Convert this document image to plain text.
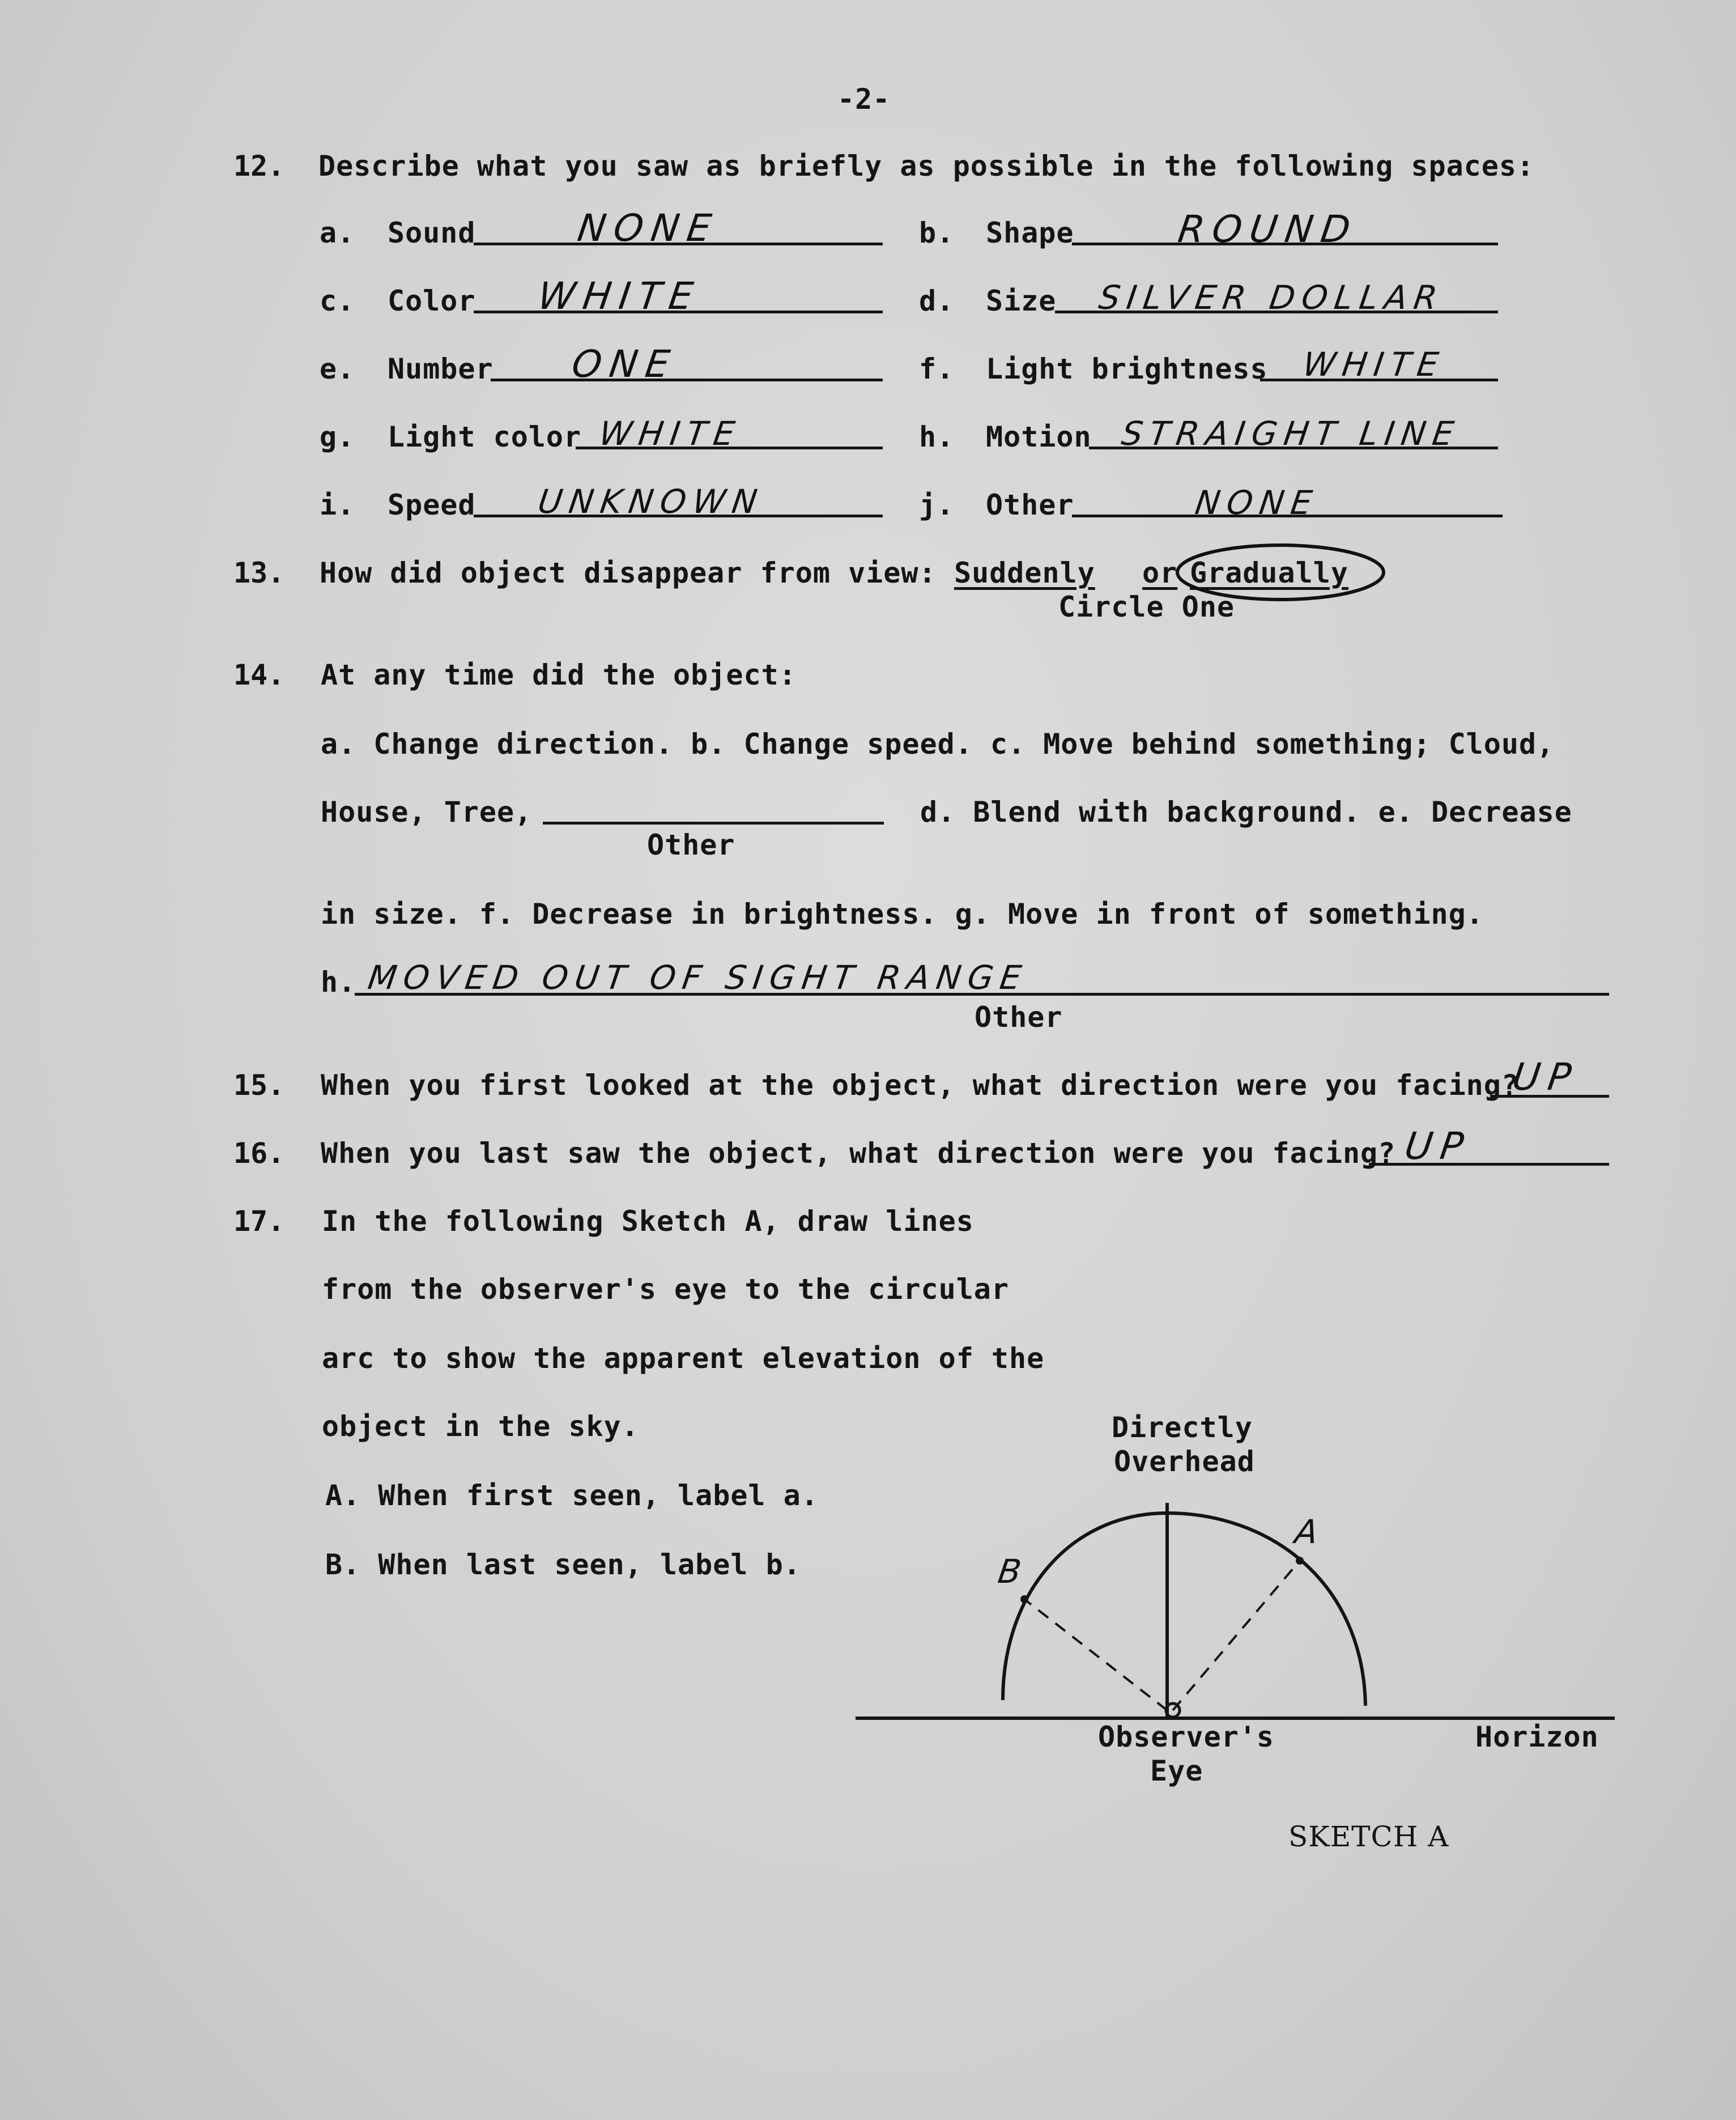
-2-
12. Describe what you saw as briefly as possible in the following spaces:
a. Sound	NONE	b. Shape	ROUND
c. Color WHITE	d. Size SILVER DOLLAR
e. Number ONE	f. Light brightness WHITE
g. Light color WHITE	h. Motion STRAIGHT LINE
i. Speed UNKNOWN	j. Other	NONE
13. How did object disappear from view: Suddenly or Gradually
Circle One
14. At any time did the object:
a. Change direction. b. Change speed. c. Move behind something; Cloud,
House, Tree,	d. Blend with background. e. Decrease
Other
in size. f. Decrease in brightness. g. Move in front of something.
h. MOVED OUT OF SIGHT RANGE
Other
15. When you first looked at the object, what direction were you facing?
UP
16. When you last saw the object, what direction were you facing? UP
17. In the following Sketch A, draw lines
from the observer's eye to the circular
arc to show the apparent elevation of the
object in the sky.
A. When first seen, label a.
B. When last seen, label b.
Directly
Overhead
Observer's
Eye
Horizon
SKETCH A
A
B
